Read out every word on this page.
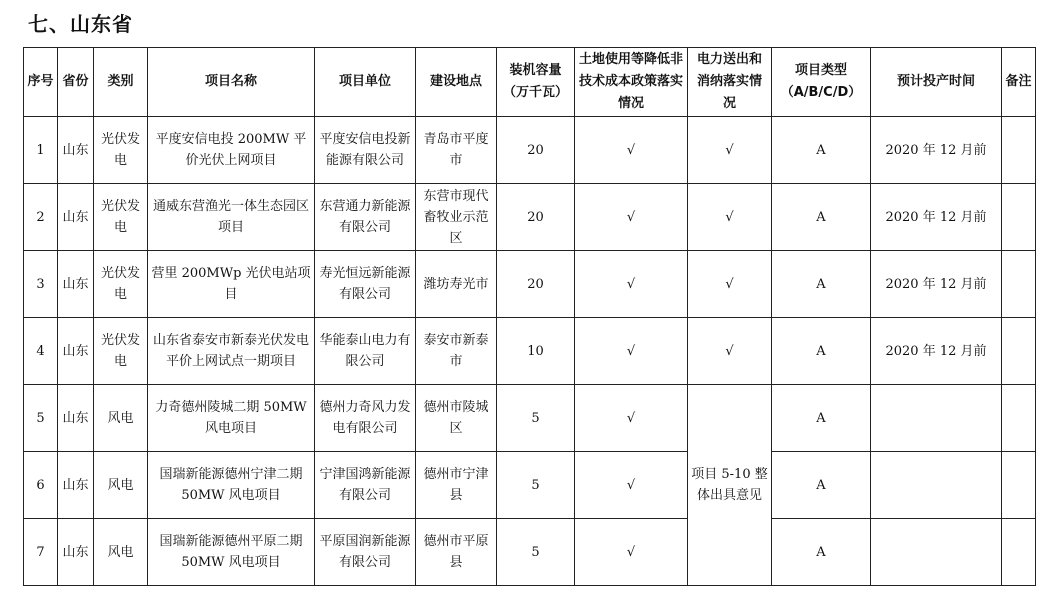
七、山东省
序号	省份	类别	项目名称	项目单位	建设地点	装机容量（万千瓦）	土地使用等降低非技术成本政策落实情况	电力送出和消纳落实情况	项目类型（A/B/C/D）	预计投产时间	备注
1	山东	光伏发电	平度安信电投 200MW 平价光伏上网项目	平度安信电投新能源有限公司	青岛市平度市	20	√	√	A	2020 年 12 月前	
2	山东	光伏发电	通威东营渔光一体生态园区项目	东营通力新能源有限公司	东营市现代畜牧业示范区	20	√	√	A	2020 年 12 月前	
3	山东	光伏发电	营里 200MWp 光伏电站项目	寿光恒远新能源有限公司	潍坊寿光市	20	√	√	A	2020 年 12 月前	
4	山东	光伏发电	山东省泰安市新泰光伏发电平价上网试点一期项目	华能泰山电力有限公司	泰安市新泰市	10	√	√	A	2020 年 12 月前	
5	山东	风电	力奇德州陵城二期 50MW 风电项目	德州力奇风力发电有限公司	德州市陵城区	5	√	项目 5-10 整体出具意见	A		
6	山东	风电	国瑞新能源德州宁津二期 50MW 风电项目	宁津国鸿新能源有限公司	德州市宁津县	5	√		A		
7	山东	风电	国瑞新能源德州平原二期 50MW 风电项目	平原国润新能源有限公司	德州市平原县	5	√		A		
